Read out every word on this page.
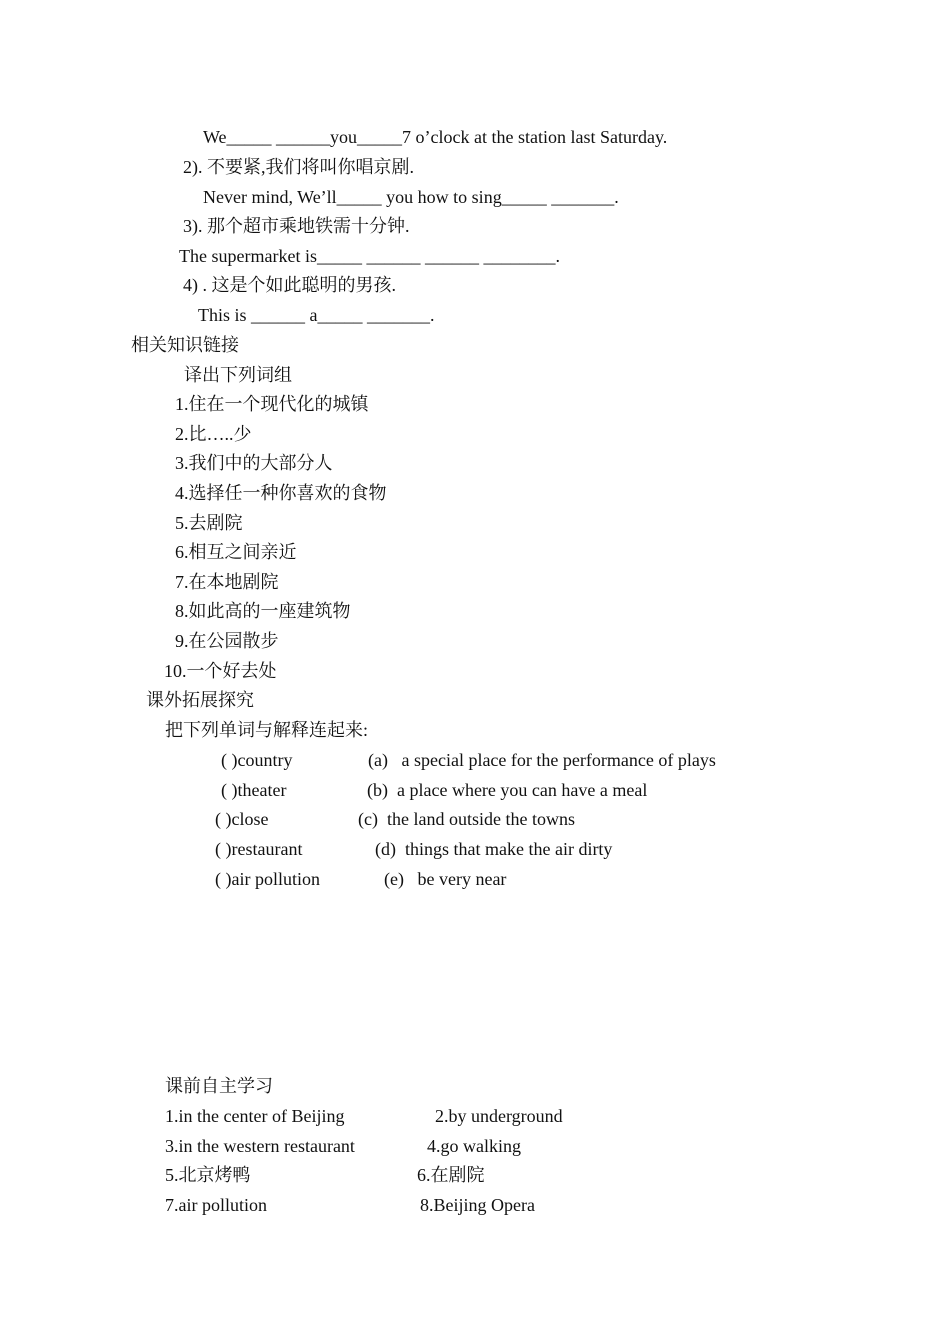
We_____ ______you_____7 o’clock at the station last Saturday.
2). 不要紧,我们将叫你唱京剧.
Never mind, We’ll_____ you how to sing_____ _______.
3). 那个超市乘地铁需十分钟.
The supermarket is_____ ______ ______ ________.
4) . 这是个如此聪明的男孩.
This is ______ a_____ _______.
相关知识链接
译出下列词组
1.住在一个现代化的城镇
2.比…..少
3.我们中的大部分人
4.选择任一种你喜欢的食物
5.去剧院
6.相互之间亲近
7.在本地剧院
8.如此高的一座建筑物
9.在公园散步
10.一个好去处
课外拓展探究
把下列单词与解释连起来:
( )country	(a)   a special place for the performance of plays
( )theater	(b)  a place where you can have a meal
( )close	(c)  the land outside the towns
( )restaurant	(d)  things that make the air dirty
( )air pollution	(e)   be very near
课前自主学习
1.in the center of Beijing	2.by underground
3.in the western restaurant	4.go walking
5.北京烤鸭	6.在剧院
7.air pollution	8.Beijing Opera
